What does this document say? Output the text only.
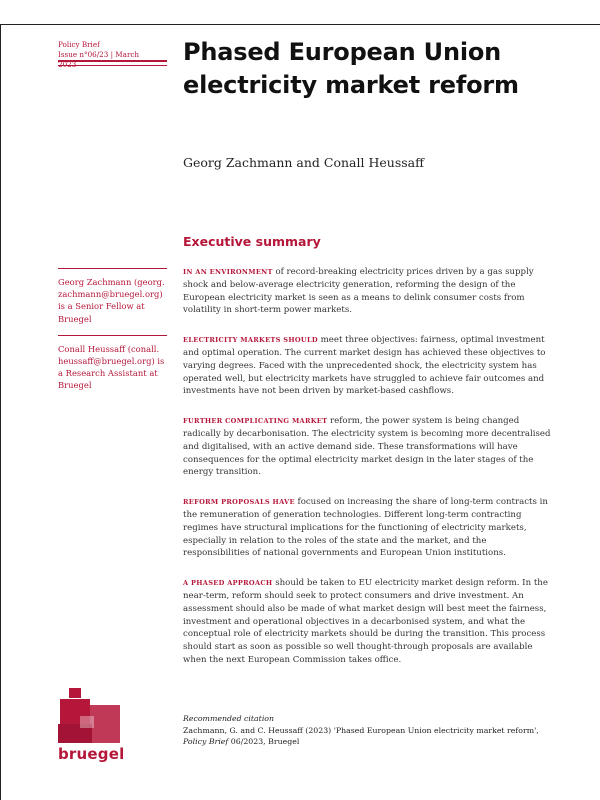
Policy Brief
Issue n°06/23 | March	Phased European Union electricity market reform

Georg Zachmann and Conall Heussaff

Executive summary
Georg Zachmann (georg. zachmann@bruegel.org) is a Senior Fellow at Bruegel
Conall Heussaff (conall. heussaff@bruegel.org) is a Research Assistant at Bruegel

IN AN ENVIRONMENT of record-breaking electricity prices driven by a gas supply shock and below-average electricity generation, reforming the design of the European electricity market is seen as a means to delink consumer costs from volatility in short-term power markets.

ELECTRICITY MARKETS SHOULD meet three objectives: fairness, optimal investment and optimal operation. The current market design has achieved these objectives to varying degrees. Faced with the unprecedented shock, the electricity system has operated well, but electricity markets have struggled to achieve fair outcomes and investments have not been driven by market-based cashflows.

FURTHER COMPLICATING MARKET reform, the power system is being changed radically by decarbonisation. The electricity system is becoming more decentralised and digitalised, with an active demand side. These transformations will have consequences for the optimal electricity market design in the later stages of the energy transition.

REFORM PROPOSALS HAVE focused on increasing the share of long-term contracts in the remuneration of generation technologies. Different long-term contracting regimes have structural implications for the functioning of electricity markets, especially in relation to the roles of the state and the market, and the responsibilities of national governments and European Union institutions.

A PHASED APPROACH should be taken to EU electricity market design reform. In the near-term, reform should seek to protect consumers and drive investment. An assessment should also be made of what market design will best meet the fairness, investment and operational objectives in a decarbonised system, and what the conceptual role of electricity markets should be during the transition. This process should start as soon as possible so well thought-through proposals are available when the next European Commission takes office.

bruegel
Recommended citation
Zachmann, G. and C. Heussaff (2023) 'Phased European Union electricity market reform',
Policy Brief 06/2023, Bruegel
